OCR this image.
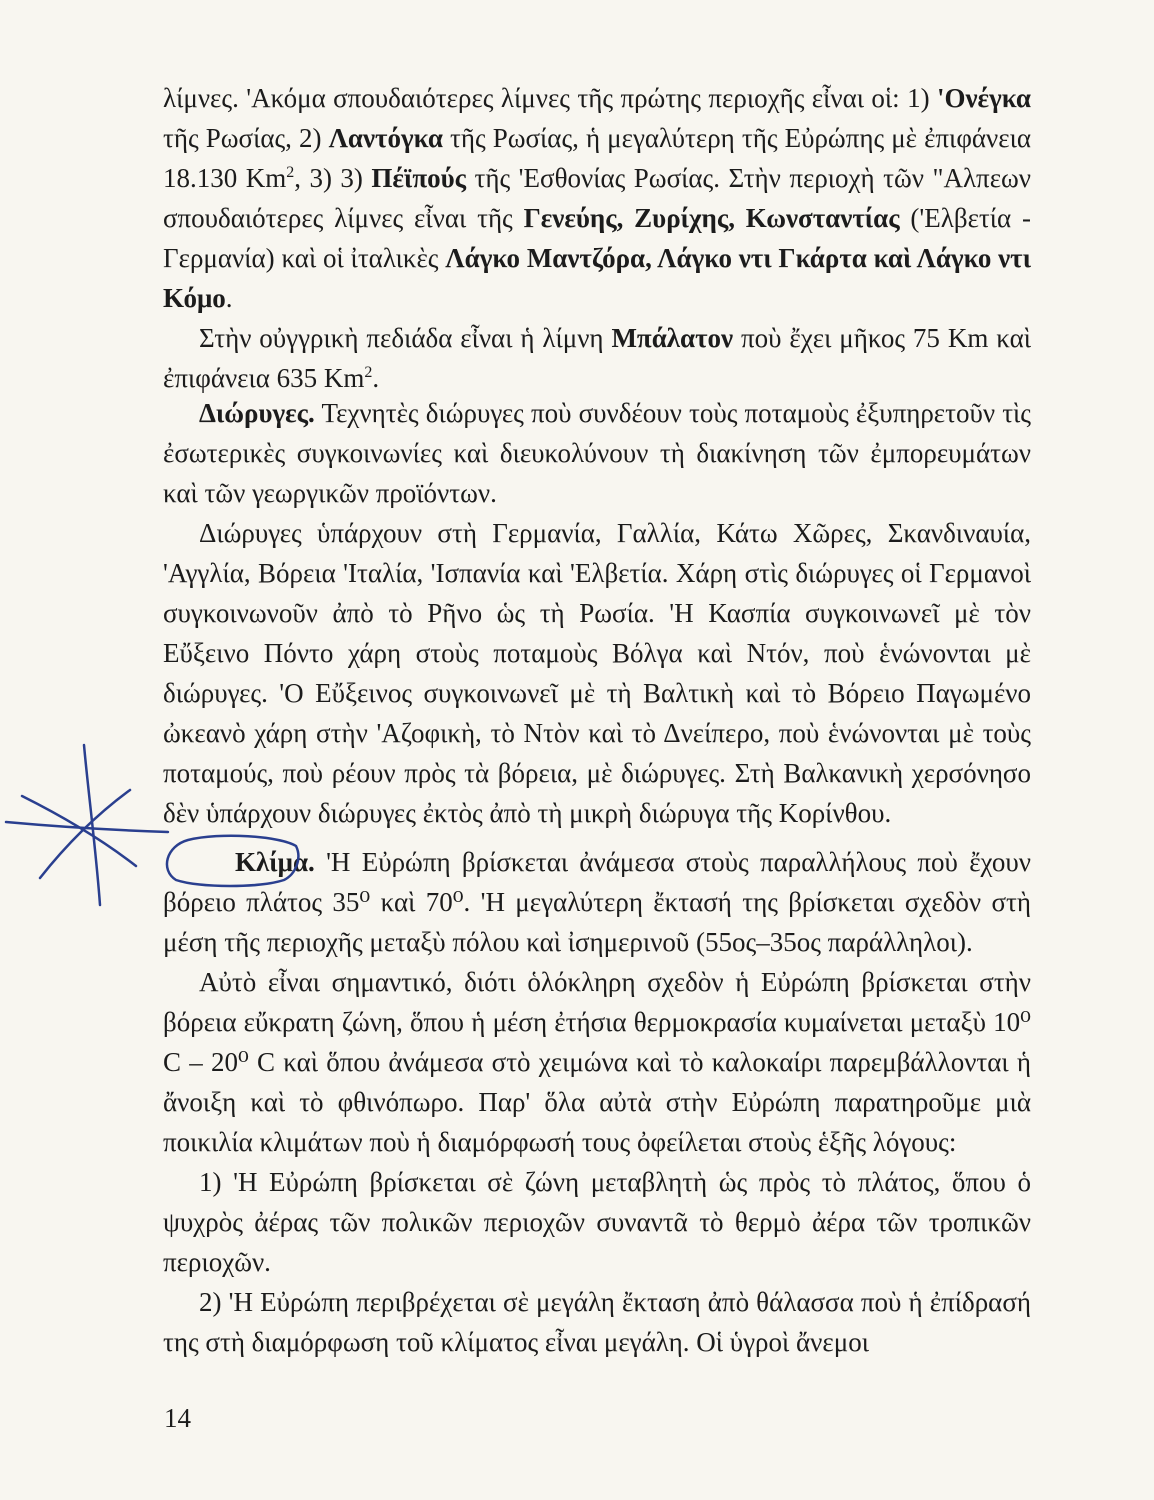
λίμνες. 'Ακόμα σπουδαιότερες λίμνες τῆς πρώτης περιοχῆς εἶναι οἱ: 1) 'Ονέγκα τῆς Ρωσίας, 2) Λαντόγκα τῆς Ρωσίας, ἡ μεγαλύτερη τῆς Εὐρώπης μὲ ἐπιφάνεια 18.130 Km$^2$, 3) 3) Πέϊπούς τῆς 'Εσθονίας Ρωσίας. Στὴν περιοχὴ τῶν "Αλπεων σπουδαιότερες λίμνες εἶναι τῆς Γενεύης, Ζυρίχης, Κωνσταντίας ('Ελβετία - Γερμανία) καὶ οἱ ἰταλικὲς Λάγκο Μαντζόρα, Λάγκο ντι Γκάρτα καὶ Λάγκο ντι Κόμο.

Στὴν οὐγγρικὴ πεδιάδα εἶναι ἡ λίμνη Μπάλατον ποὺ ἔχει μῆκος 75 Km καὶ ἐπιφάνεια 635 Km$^2$.

Διώρυγες. Τεχνητὲς διώρυγες ποὺ συνδέουν τοὺς ποταμοὺς ἐξυπηρετοῦν τὶς ἐσωτερικὲς συγκοινωνίες καὶ διευκολύνουν τὴ διακίνηση τῶν ἐμπορευμάτων καὶ τῶν γεωργικῶν προϊόντων.

Διώρυγες ὑπάρχουν στὴ Γερμανία, Γαλλία, Κάτω Χῶρες, Σκανδιναυία, 'Αγγλία, Βόρεια 'Ιταλία, 'Ισπανία καὶ 'Ελβετία. Χάρη στὶς διώρυγες οἱ Γερμανοὶ συγκοινωνοῦν ἀπὸ τὸ Ρῆνο ὡς τὴ Ρωσία. 'Η Κασπία συγκοινωνεῖ μὲ τὸν Εὔξεινο Πόντο χάρη στοὺς ποταμοὺς Βόλγα καὶ Ντόν, ποὺ ἑνώνονται μὲ διώρυγες. 'Ο Εὔξεινος συγκοινωνεῖ μὲ τὴ Βαλτικὴ καὶ τὸ Βόρειο Παγωμένο ὠκεανὸ χάρη στὴν 'Αζοφικὴ, τὸ Ντὸν καὶ τὸ Δνείπερο, ποὺ ἑνώνονται μὲ τοὺς ποταμούς, ποὺ ρέουν πρὸς τὰ βόρεια, μὲ διώρυγες. Στὴ Βαλκανικὴ χερσόνησο δὲν ὑπάρχουν διώρυγες ἐκτὸς ἀπὸ τὴ μικρὴ διώρυγα τῆς Κορίνθου.

Κλίμα. 'Η Εὐρώπη βρίσκεται ἀνάμεσα στοὺς παραλλήλους ποὺ ἔχουν βόρειο πλάτος 35⁰ καὶ 70⁰. 'Η μεγαλύτερη ἔκτασή της βρίσκεται σχεδὸν στὴ μέση τῆς περιοχῆς μεταξὺ πόλου καὶ ἰσημερινοῦ (55ος–35ος παράλληλοι).

Αὐτὸ εἶναι σημαντικό, διότι ὁλόκληρη σχεδὸν ἡ Εὐρώπη βρίσκεται στὴν βόρεια εὔκρατη ζώνη, ὅπου ἡ μέση ἐτήσια θερμοκρασία κυμαίνεται μεταξὺ 10⁰ C – 20⁰ C καὶ ὅπου ἀνάμεσα στὸ χειμώνα καὶ τὸ καλοκαίρι παρεμβάλλονται ἡ ἄνοιξη καὶ τὸ φθινόπωρο. Παρ' ὅλα αὐτὰ στὴν Εὐρώπη παρατηροῦμε μιὰ ποικιλία κλιμάτων ποὺ ἡ διαμόρφωσή τους ὀφείλεται στοὺς ἑξῆς λόγους:

1) 'Η Εὐρώπη βρίσκεται σὲ ζώνη μεταβλητὴ ὡς πρὸς τὸ πλάτος, ὅπου ὁ ψυχρὸς ἀέρας τῶν πολικῶν περιοχῶν συναντᾶ τὸ θερμὸ ἀέρα τῶν τροπικῶν περιοχῶν.

2) 'Η Εὐρώπη περιβρέχεται σὲ μεγάλη ἔκταση ἀπὸ θάλασσα ποὺ ἡ ἐπίδρασή της στὴ διαμόρφωση τοῦ κλίματος εἶναι μεγάλη. Οἱ ὑγροὶ ἄνεμοι

14
